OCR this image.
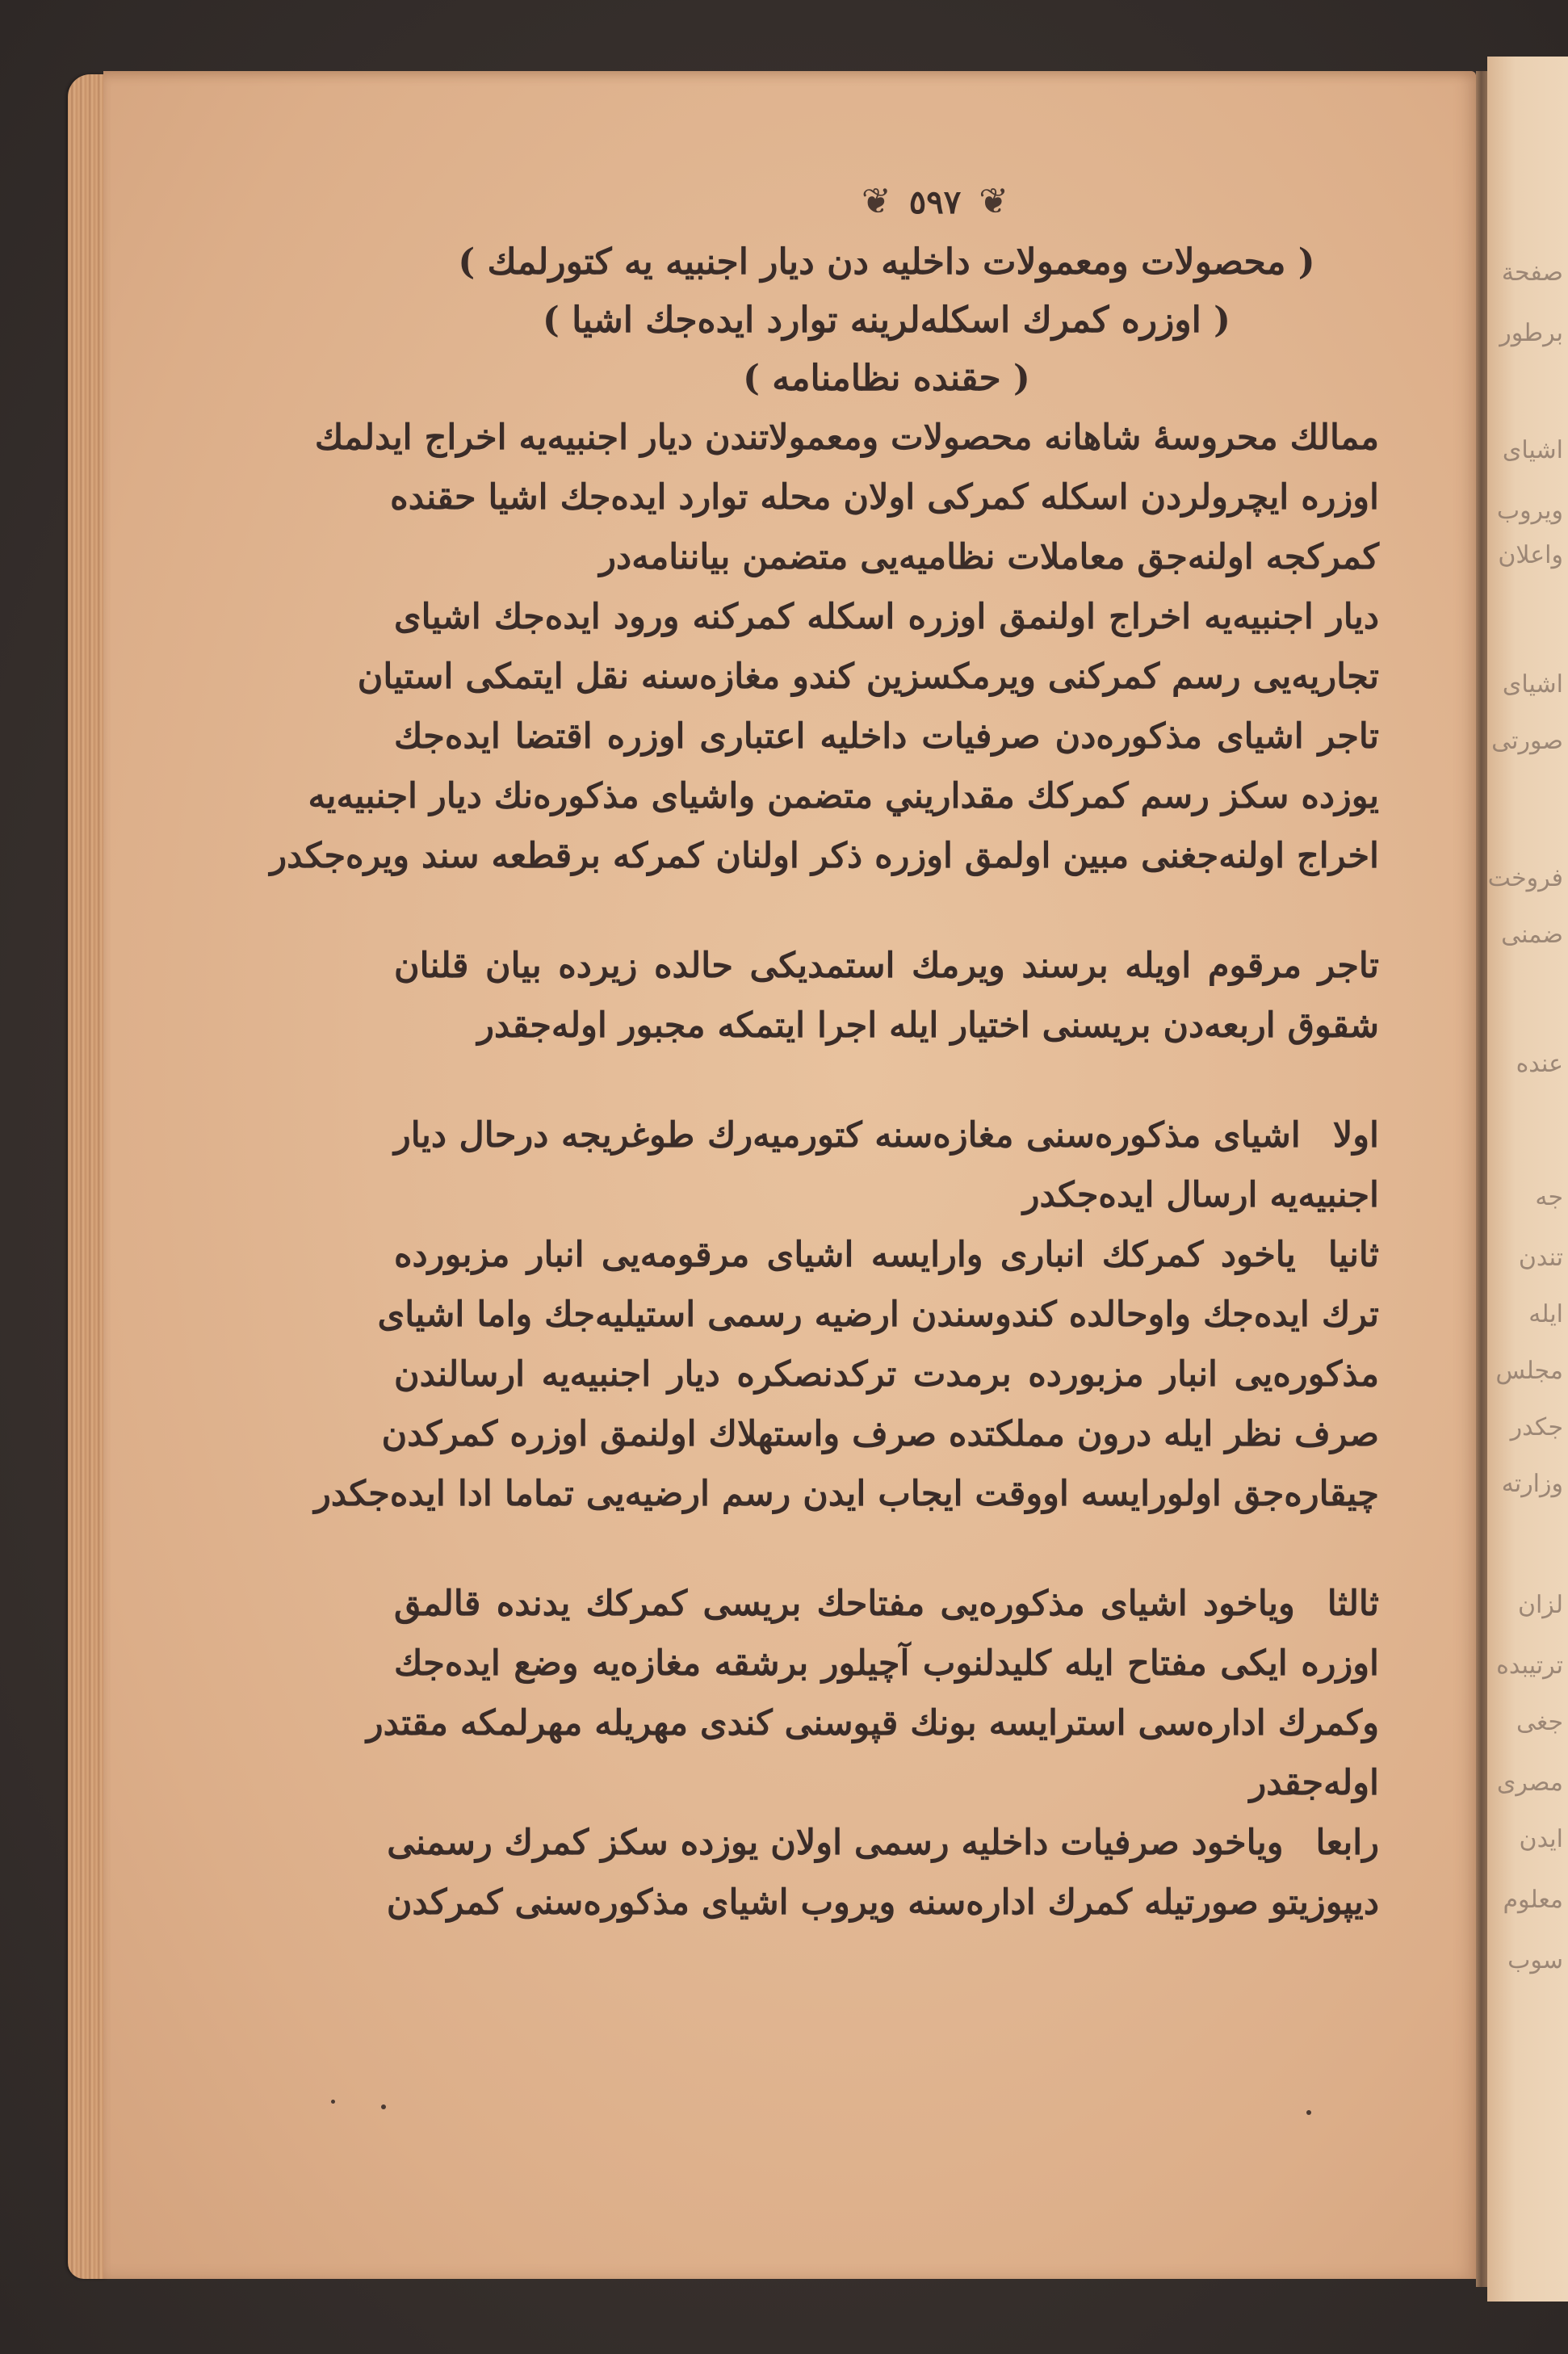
صفحة
برطور
اشیای
ویروب
واعلان
اشیای
صورتی
فروخت
ضمنی
عنده
جه
تندن
ایله
مجلس
جکدر
وزارته
لزان
ترتیبده
جغی
مصری
ایدن
معلوم
سوب
❦ ٥٩٧ ❦
( محصولات ومعمولات داخلیه دن دیار اجنبیه یه کتورلمك )
( اوزره کمرك اسکله‌لرینه توارد ایده‌جك اشیا )
( حقنده نظامنامه )
ممالك محروسهٔ شاهانه محصولات ومعمولاتندن دیار اجنبیه‌یه اخراج ایدلمك
اوزره ایچرولردن اسکله کمرکی اولان محله توارد ایده‌جك اشیا حقنده
کمرکجه اولنه‌جق معاملات نظامیه‌یی متضمن بیاننامه‌در
دیار اجنبیه‌یه اخراج اولنمق اوزره اسکله کمرکنه ورود ایده‌جك اشیای
تجاریه‌یی رسم کمرکنی ویرمکسزین کندو مغازه‌سنه نقل ایتمکی استیان
تاجر اشیای مذکوره‌دن صرفیات داخلیه اعتباری اوزره اقتضا ایده‌جك
یوزده سکز رسم کمرکك مقداریني متضمن واشیای مذکوره‌نك دیار اجنبیه‌یه
اخراج اولنه‌جغنی مبین اولمق اوزره ذکر اولنان کمرکه برقطعه سند ویره‌جکدر
تاجر مرقوم اویله برسند ویرمك استمدیکی حالده زیرده بیان قلنان
شقوق اربعه‌دن بریسنی اختیار ایله اجرا ایتمکه مجبور اوله‌جقدر
اولااشیای مذکوره‌سنی مغازه‌سنه کتورمیه‌رك طوغریجه درحال دیار
اجنبیه‌یه ارسال ایده‌جکدر
ثانیایاخود کمرکك انباری وارایسه اشیای مرقومه‌یی انبار مزبورده
ترك ایده‌جك واوحالده کندوسندن ارضیه رسمی استیلیه‌جك واما اشیای
مذکوره‌یی انبار مزبورده برمدت ترکدنصکره دیار اجنبیه‌یه ارسالندن
صرف نظر ایله درون مملکتده صرف واستهلاك اولنمق اوزره کمرکدن
چیقاره‌جق اولورایسه اووقت ایجاب ایدن رسم ارضیه‌یی تماما ادا ایده‌جکدر
ثالثاویاخود اشیای مذکوره‌یی مفتاحك بریسی کمرکك یدنده قالمق
اوزره ایکی مفتاح ایله کلیدلنوب آچیلور برشقه مغازه‌یه وضع ایده‌جك
وکمرك اداره‌سی استرایسه بونك قپوسنی کندی مهریله مهرلمکه مقتدر
اوله‌جقدر
رابعاویاخود صرفیات داخلیه رسمی اولان یوزده سکز کمرك رسمنی
دیپوزیتو صورتیله کمرك اداره‌سنه ویروب اشیای مذکوره‌سنی کمرکدن
